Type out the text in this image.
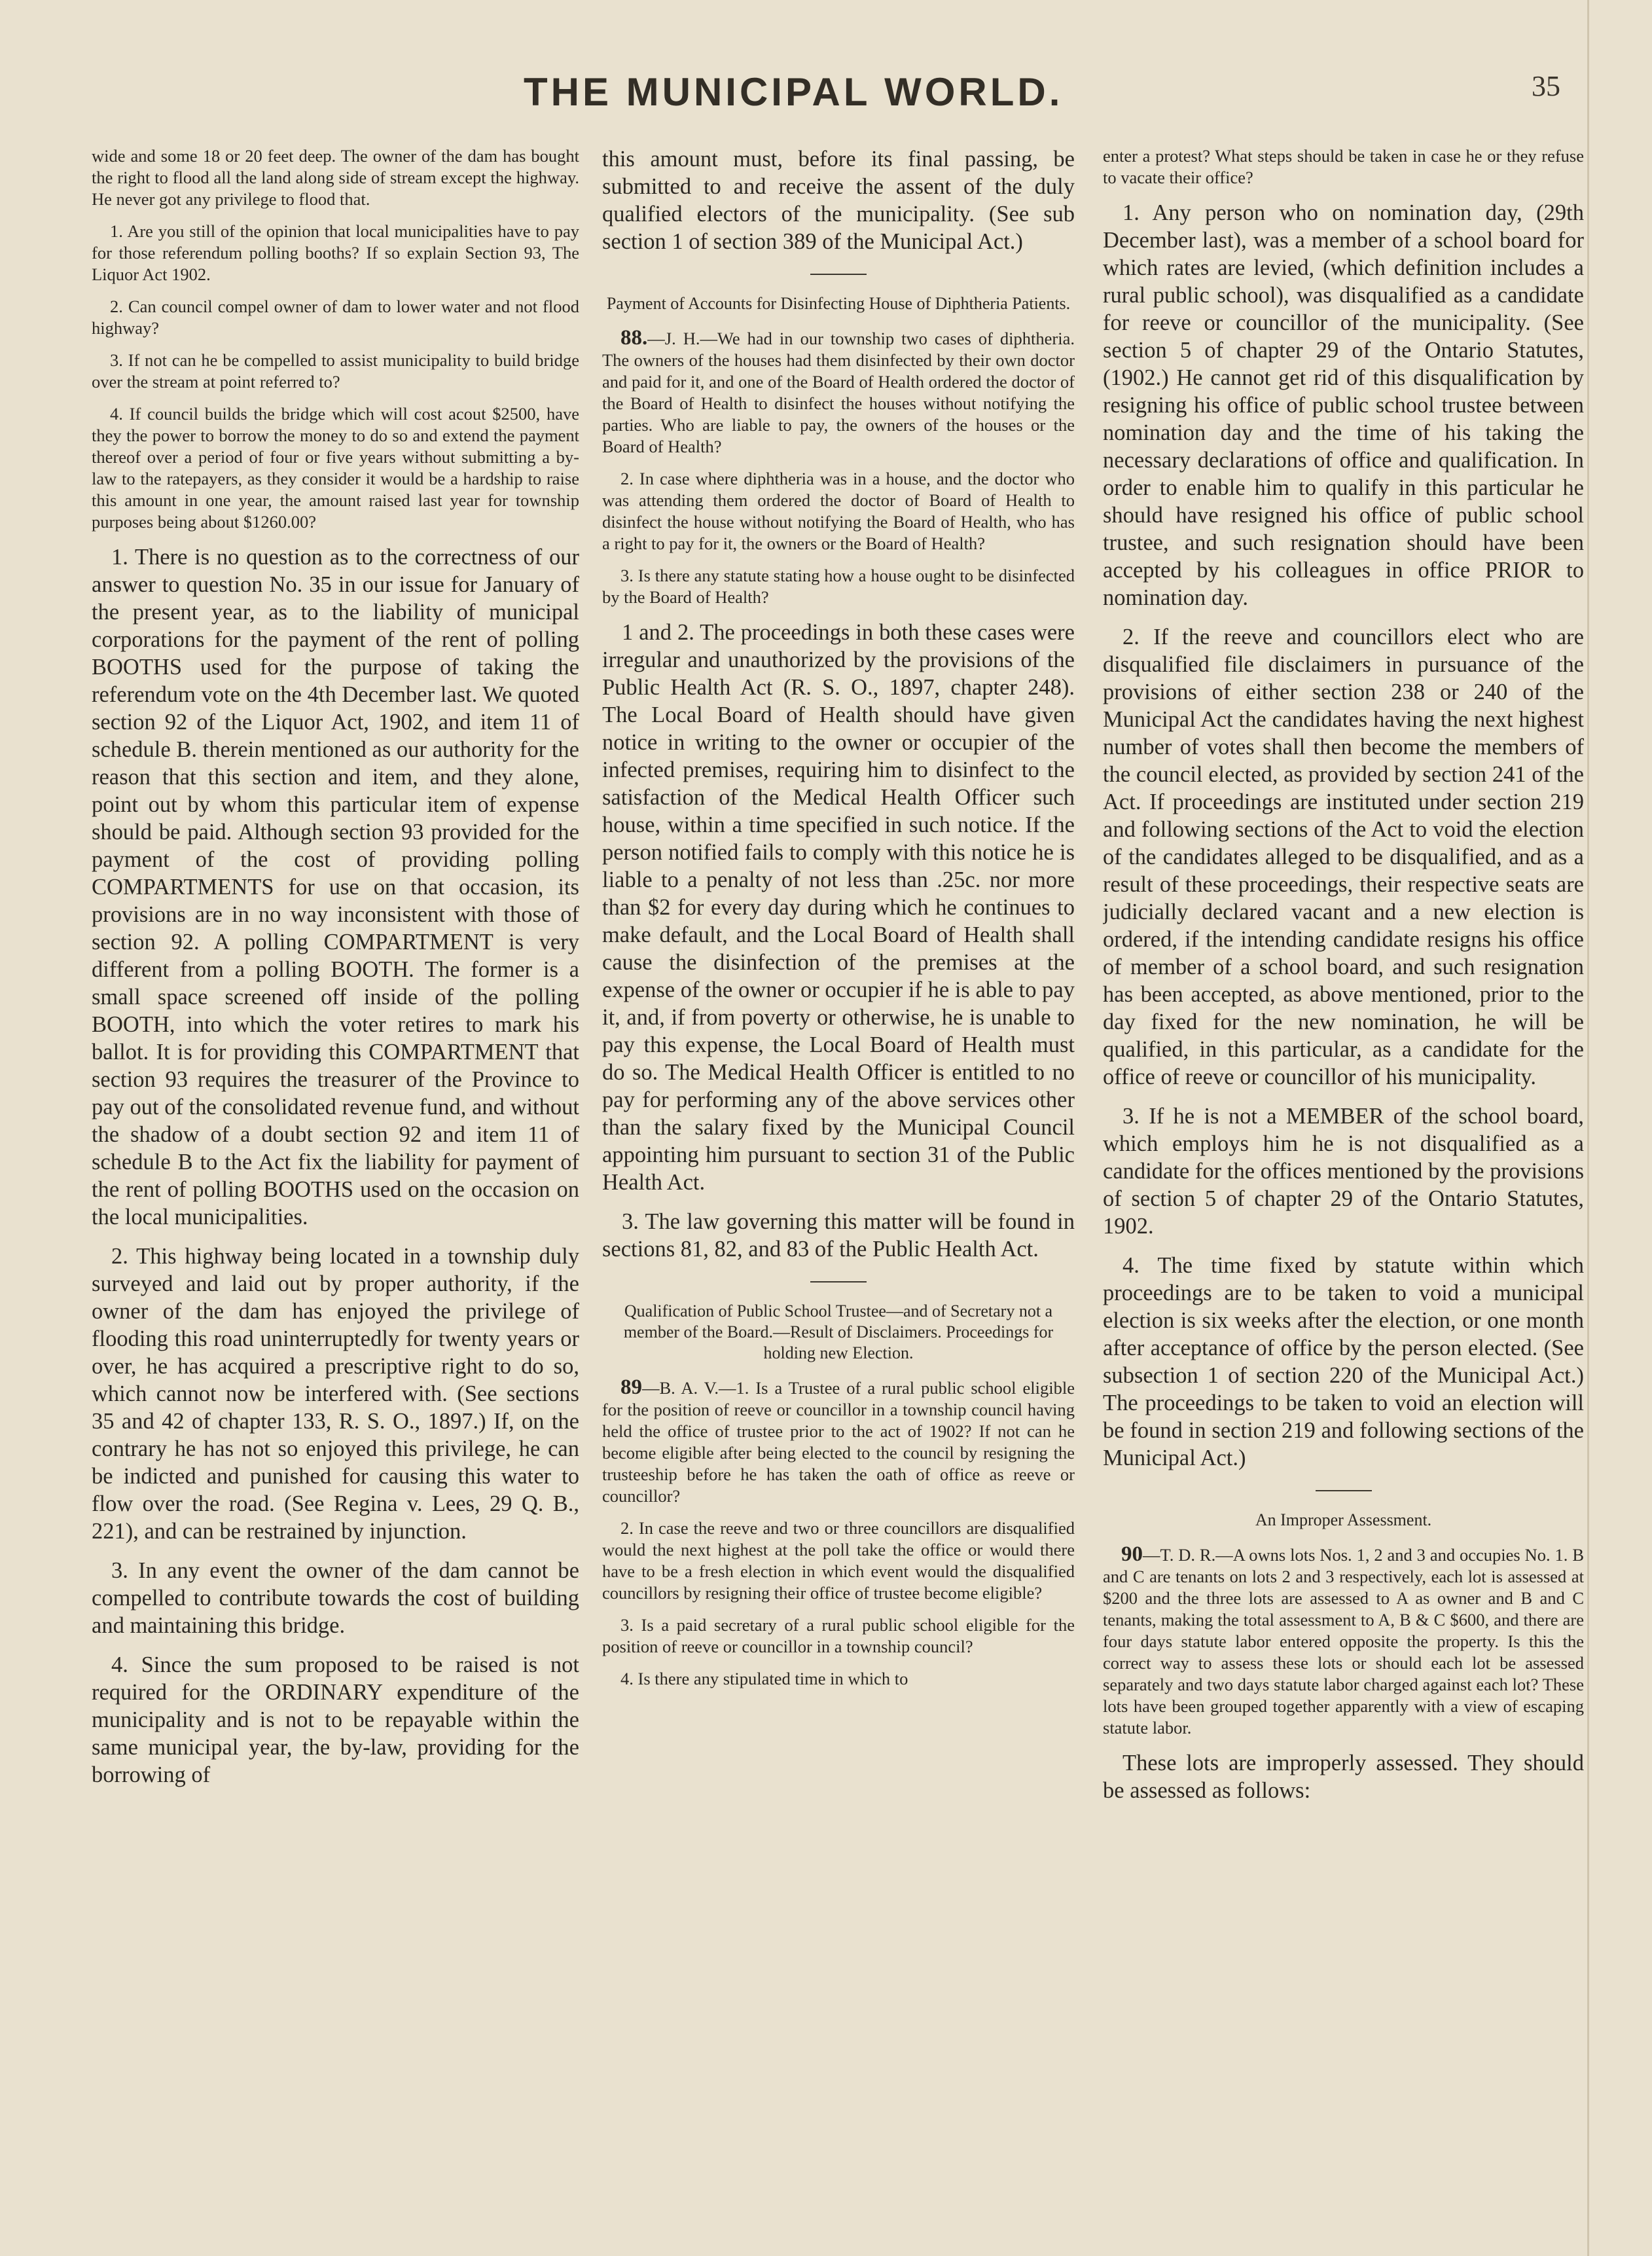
THE MUNICIPAL WORLD.	35

wide and some 18 or 20 feet deep. The owner of the dam has bought the right to flood all the land along side of stream except the highway. He never got any privilege to flood that.

1. Are you still of the opinion that local municipalities have to pay for those referendum polling booths? If so explain Section 93, The Liquor Act 1902.

2. Can council compel owner of dam to lower water and not flood highway?

3. If not can he be compelled to assist municipality to build bridge over the stream at point referred to?

4. If council builds the bridge which will cost acout $2500, have they the power to borrow the money to do so and extend the payment thereof over a period of four or five years without submitting a by-law to the ratepayers, as they consider it would be a hardship to raise this amount in one year, the amount raised last year for township purposes being about $1260.00?

1. There is no question as to the correctness of our answer to question No. 35 in our issue for January of the present year, as to the liability of municipal corporations for the payment of the rent of polling BOOTHS used for the purpose of taking the referendum vote on the 4th December last. We quoted section 92 of the Liquor Act, 1902, and item 11 of schedule B. therein mentioned as our authority for the reason that this section and item, and they alone, point out by whom this particular item of expense should be paid. Although section 93 provided for the payment of the cost of providing polling COMPARTMENTS for use on that occasion, its provisions are in no way inconsistent with those of section 92. A polling COMPARTMENT is very different from a polling BOOTH. The former is a small space screened off inside of the polling BOOTH, into which the voter retires to mark his ballot. It is for providing this COMPARTMENT that section 93 requires the treasurer of the Province to pay out of the consolidated revenue fund, and without the shadow of a doubt section 92 and item 11 of schedule B to the Act fix the liability for payment of the rent of polling BOOTHS used on the occasion on the local municipalities.

2. This highway being located in a township duly surveyed and laid out by proper authority, if the owner of the dam has enjoyed the privilege of flooding this road uninterruptedly for twenty years or over, he has acquired a prescriptive right to do so, which cannot now be interfered with. (See sections 35 and 42 of chapter 133, R. S. O., 1897.) If, on the contrary he has not so enjoyed this privilege, he can be indicted and punished for causing this water to flow over the road. (See Regina v. Lees, 29 Q. B., 221), and can be restrained by injunction.

3. In any event the owner of the dam cannot be compelled to contribute towards the cost of building and maintaining this bridge.

4. Since the sum proposed to be raised is not required for the ORDINARY expenditure of the municipality and is not to be repayable within the same municipal year, the by-law, providing for the borrowing of

this amount must, before its final passing, be submitted to and receive the assent of the duly qualified electors of the municipality. (See sub section 1 of section 389 of the Municipal Act.)

Payment of Accounts for Disinfecting House of Diphtheria Patients.

88.—J. H.—We had in our township two cases of diphtheria. The owners of the houses had them disinfected by their own doctor and paid for it, and one of the Board of Health ordered the doctor of the Board of Health to disinfect the houses without notifying the parties. Who are liable to pay, the owners of the houses or the Board of Health?

2. In case where diphtheria was in a house, and the doctor who was attending them ordered the doctor of Board of Health to disinfect the house without notifying the Board of Health, who has a right to pay for it, the owners or the Board of Health?

3. Is there any statute stating how a house ought to be disinfected by the Board of Health?

1 and 2. The proceedings in both these cases were irregular and unauthorized by the provisions of the Public Health Act (R. S. O., 1897, chapter 248). The Local Board of Health should have given notice in writing to the owner or occupier of the infected premises, requiring him to disinfect to the satisfaction of the Medical Health Officer such house, within a time specified in such notice. If the person notified fails to comply with this notice he is liable to a penalty of not less than .25c. nor more than $2 for every day during which he continues to make default, and the Local Board of Health shall cause the disinfection of the premises at the expense of the owner or occupier if he is able to pay it, and, if from poverty or otherwise, he is unable to pay this expense, the Local Board of Health must do so. The Medical Health Officer is entitled to no pay for performing any of the above services other than the salary fixed by the Municipal Council appointing him pursuant to section 31 of the Public Health Act.

3. The law governing this matter will be found in sections 81, 82, and 83 of the Public Health Act.

Qualification of Public School Trustee—and of Secretary not a member of the Board.—Result of Disclaimers. Proceedings for holding new Election.

89—B. A. V.—1. Is a Trustee of a rural public school eligible for the position of reeve or councillor in a township council having held the office of trustee prior to the act of 1902? If not can he become eligible after being elected to the council by resigning the trusteeship before he has taken the oath of office as reeve or councillor?

2. In case the reeve and two or three councillors are disqualified would the next highest at the poll take the office or would there have to be a fresh election in which event would the disqualified councillors by resigning their office of trustee become eligible?

3. Is a paid secretary of a rural public school eligible for the position of reeve or councillor in a township council?

4. Is there any stipulated time in which to

enter a protest? What steps should be taken in case he or they refuse to vacate their office?

1. Any person who on nomination day, (29th December last), was a member of a school board for which rates are levied, (which definition includes a rural public school), was disqualified as a candidate for reeve or councillor of the municipality. (See section 5 of chapter 29 of the Ontario Statutes, (1902.) He cannot get rid of this disqualification by resigning his office of public school trustee between nomination day and the time of his taking the necessary declarations of office and qualification. In order to enable him to qualify in this particular he should have resigned his office of public school trustee, and such resignation should have been accepted by his colleagues in office PRIOR to nomination day.

2. If the reeve and councillors elect who are disqualified file disclaimers in pursuance of the provisions of either section 238 or 240 of the Municipal Act the candidates having the next highest number of votes shall then become the members of the council elected, as provided by section 241 of the Act. If proceedings are instituted under section 219 and following sections of the Act to void the election of the candidates alleged to be disqualified, and as a result of these proceedings, their respective seats are judicially declared vacant and a new election is ordered, if the intending candidate resigns his office of member of a school board, and such resignation has been accepted, as above mentioned, prior to the day fixed for the new nomination, he will be qualified, in this particular, as a candidate for the office of reeve or councillor of his municipality.

3. If he is not a MEMBER of the school board, which employs him he is not disqualified as a candidate for the offices mentioned by the provisions of section 5 of chapter 29 of the Ontario Statutes, 1902.

4. The time fixed by statute within which proceedings are to be taken to void a municipal election is six weeks after the election, or one month after acceptance of office by the person elected. (See subsection 1 of section 220 of the Municipal Act.) The proceedings to be taken to void an election will be found in section 219 and following sections of the Municipal Act.)

An Improper Assessment.

90—T. D. R.—A owns lots Nos. 1, 2 and 3 and occupies No. 1. B and C are tenants on lots 2 and 3 respectively, each lot is assessed at $200 and the three lots are assessed to A as owner and B and C tenants, making the total assessment to A, B & C $600, and there are four days statute labor entered opposite the property. Is this the correct way to assess these lots or should each lot be assessed separately and two days statute labor charged against each lot? These lots have been grouped together apparently with a view of escaping statute labor.

These lots are improperly assessed. They should be assessed as follows:
